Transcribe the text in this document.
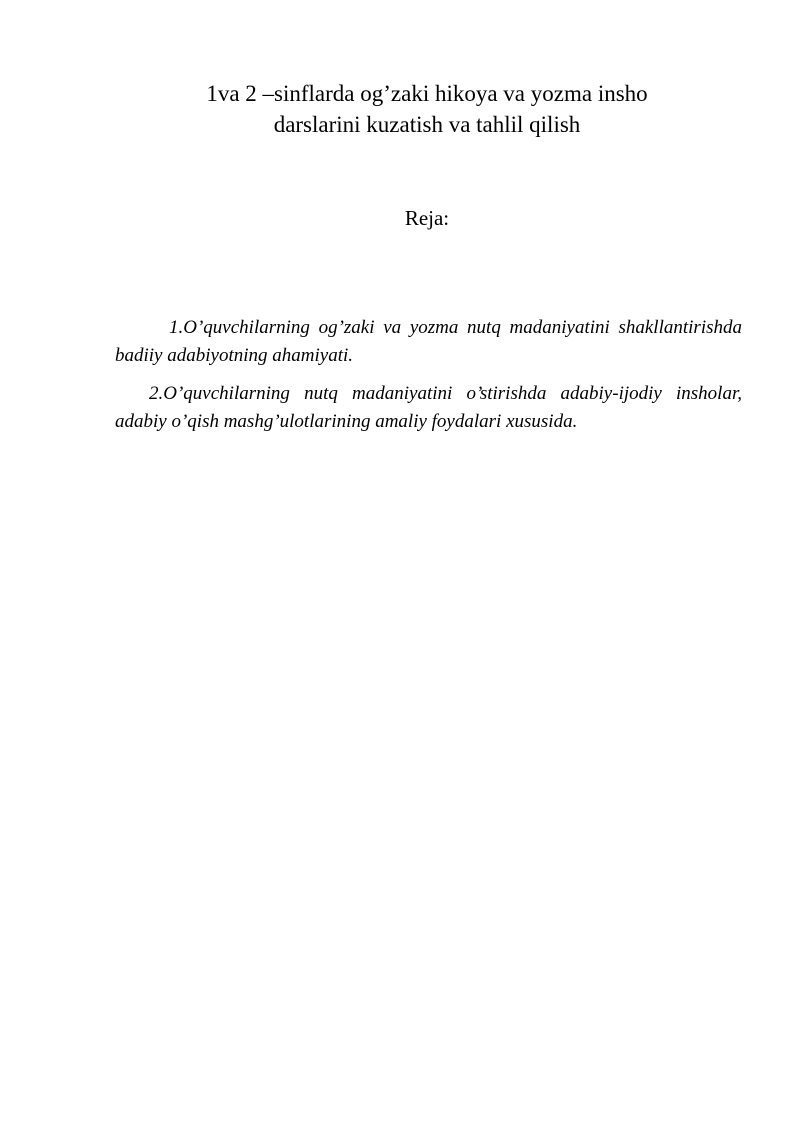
1va 2 –sinflarda og’zaki hikoya va yozma insho
darslarini kuzatish va tahlil qilish
Reja:

1.O’quvchilarning og’zaki va yozma nutq madaniyatini shakllantirishda badiiy adabiyotning ahamiyati.

2.O’quvchilarning nutq madaniyatini o’stirishda adabiy-ijodiy insholar, adabiy o’qish mashg’ulotlarining amaliy foydalari xususida.
